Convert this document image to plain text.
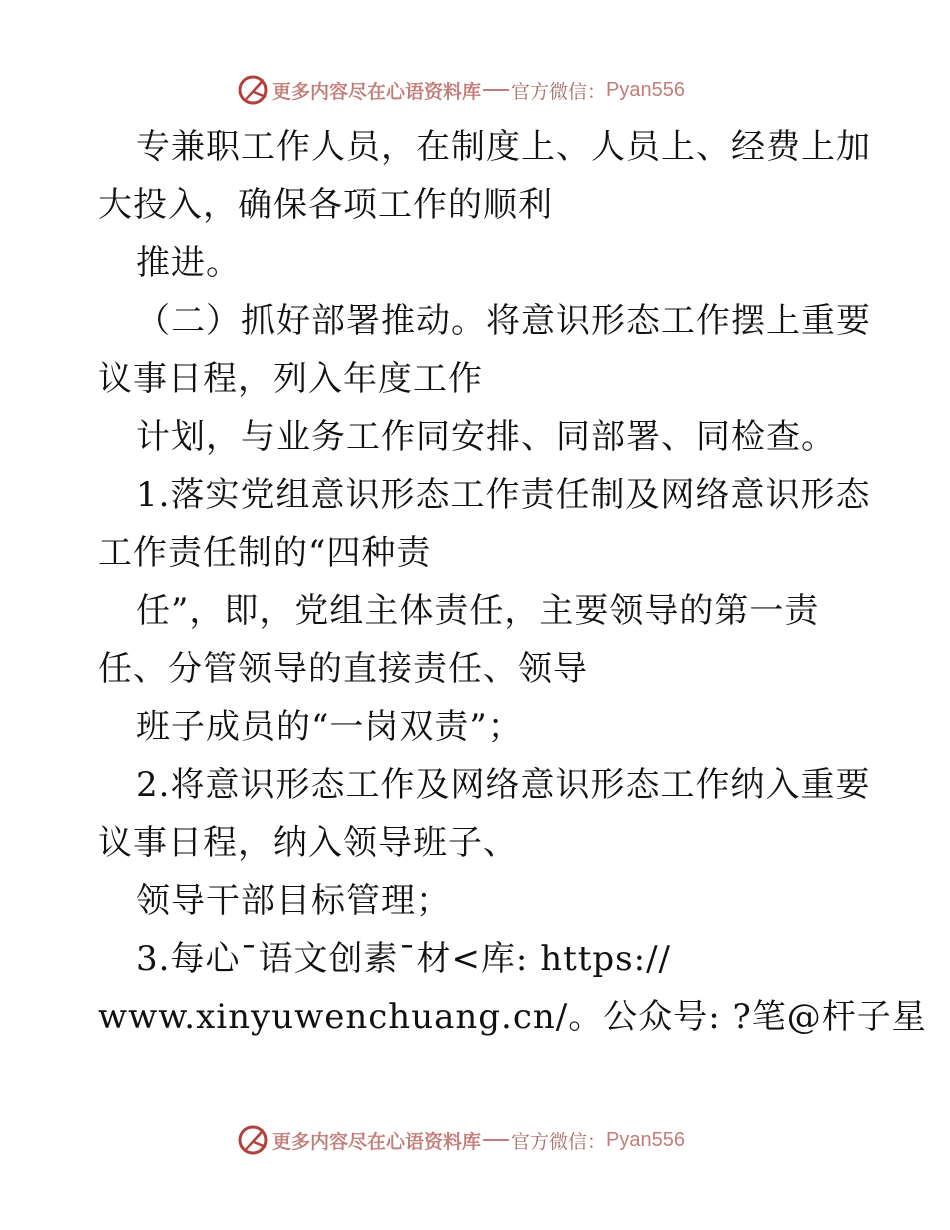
更多内容尽在心语资料库 官方微信： Pyan556
专兼职工作人员，在制度上、人员上、经费上加
大投入，确保各项工作的顺利
推进。
（二）抓好部署推动。将意识形态工作摆上重要
议事日程，列入年度工作
计划，与业务工作同安排、同部署、同检查。
1.落实党组意识形态工作责任制及网络意识形态
工作责任制的“四种责
任”，即，党组主体责任，主要领导的第一责
任、分管领导的直接责任、领导
班子成员的“一岗双责”；
2.将意识形态工作及网络意识形态工作纳入重要
议事日程，纳入领导班子、
领导干部目标管理；
3.每心¯语文创素¯材<库: https://
www.xinyuwenchuang.cn/。公众号: ?笔@杆子星
更多内容尽在心语资料库 官方微信： Pyan556
